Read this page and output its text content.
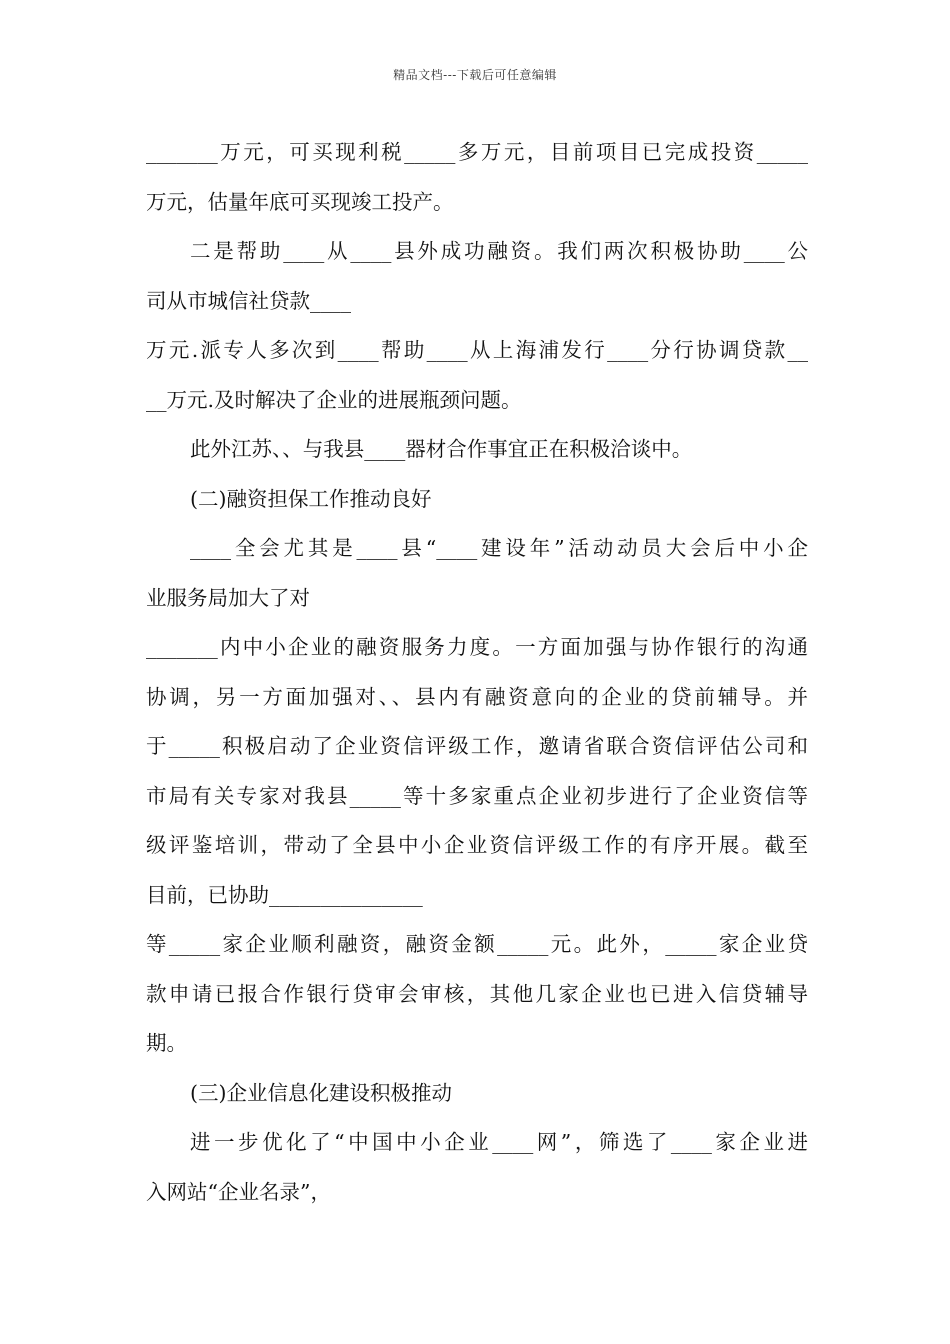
精品文档---下载后可任意编辑
_______万元，可买现利税_____多万元，目前项目已完成投资_____
万元，估量年底可买现竣工投产。
二是帮助____从____县外成功融资。我们两次积极协助____公
司从市城信社贷款____
万元.派专人多次到____帮助____从上海浦发行____分行协调贷款__
__万元.及时解决了企业的进展瓶颈问题。
此外江苏、、与我县____器材合作事宜正在积极洽谈中。
(二)融资担保工作推动良好
____全会尤其是____县“____建设年”活动动员大会后中小企
业服务局加大了对
_______内中小企业的融资服务力度。一方面加强与协作银行的沟通
协调，另一方面加强对、、县内有融资意向的企业的贷前辅导。并
于_____积极启动了企业资信评级工作，邀请省联合资信评估公司和
市局有关专家对我县_____等十多家重点企业初步进行了企业资信等
级评鉴培训，带动了全县中小企业资信评级工作的有序开展。截至
目前，已协助_______________
等_____家企业顺利融资，融资金额_____元。此外，_____家企业贷
款申请已报合作银行贷审会审核，其他几家企业也已进入信贷辅导
期。
(三)企业信息化建设积极推动
进一步优化了“中国中小企业____网”，筛选了____家企业进
入网站“企业名录”，
